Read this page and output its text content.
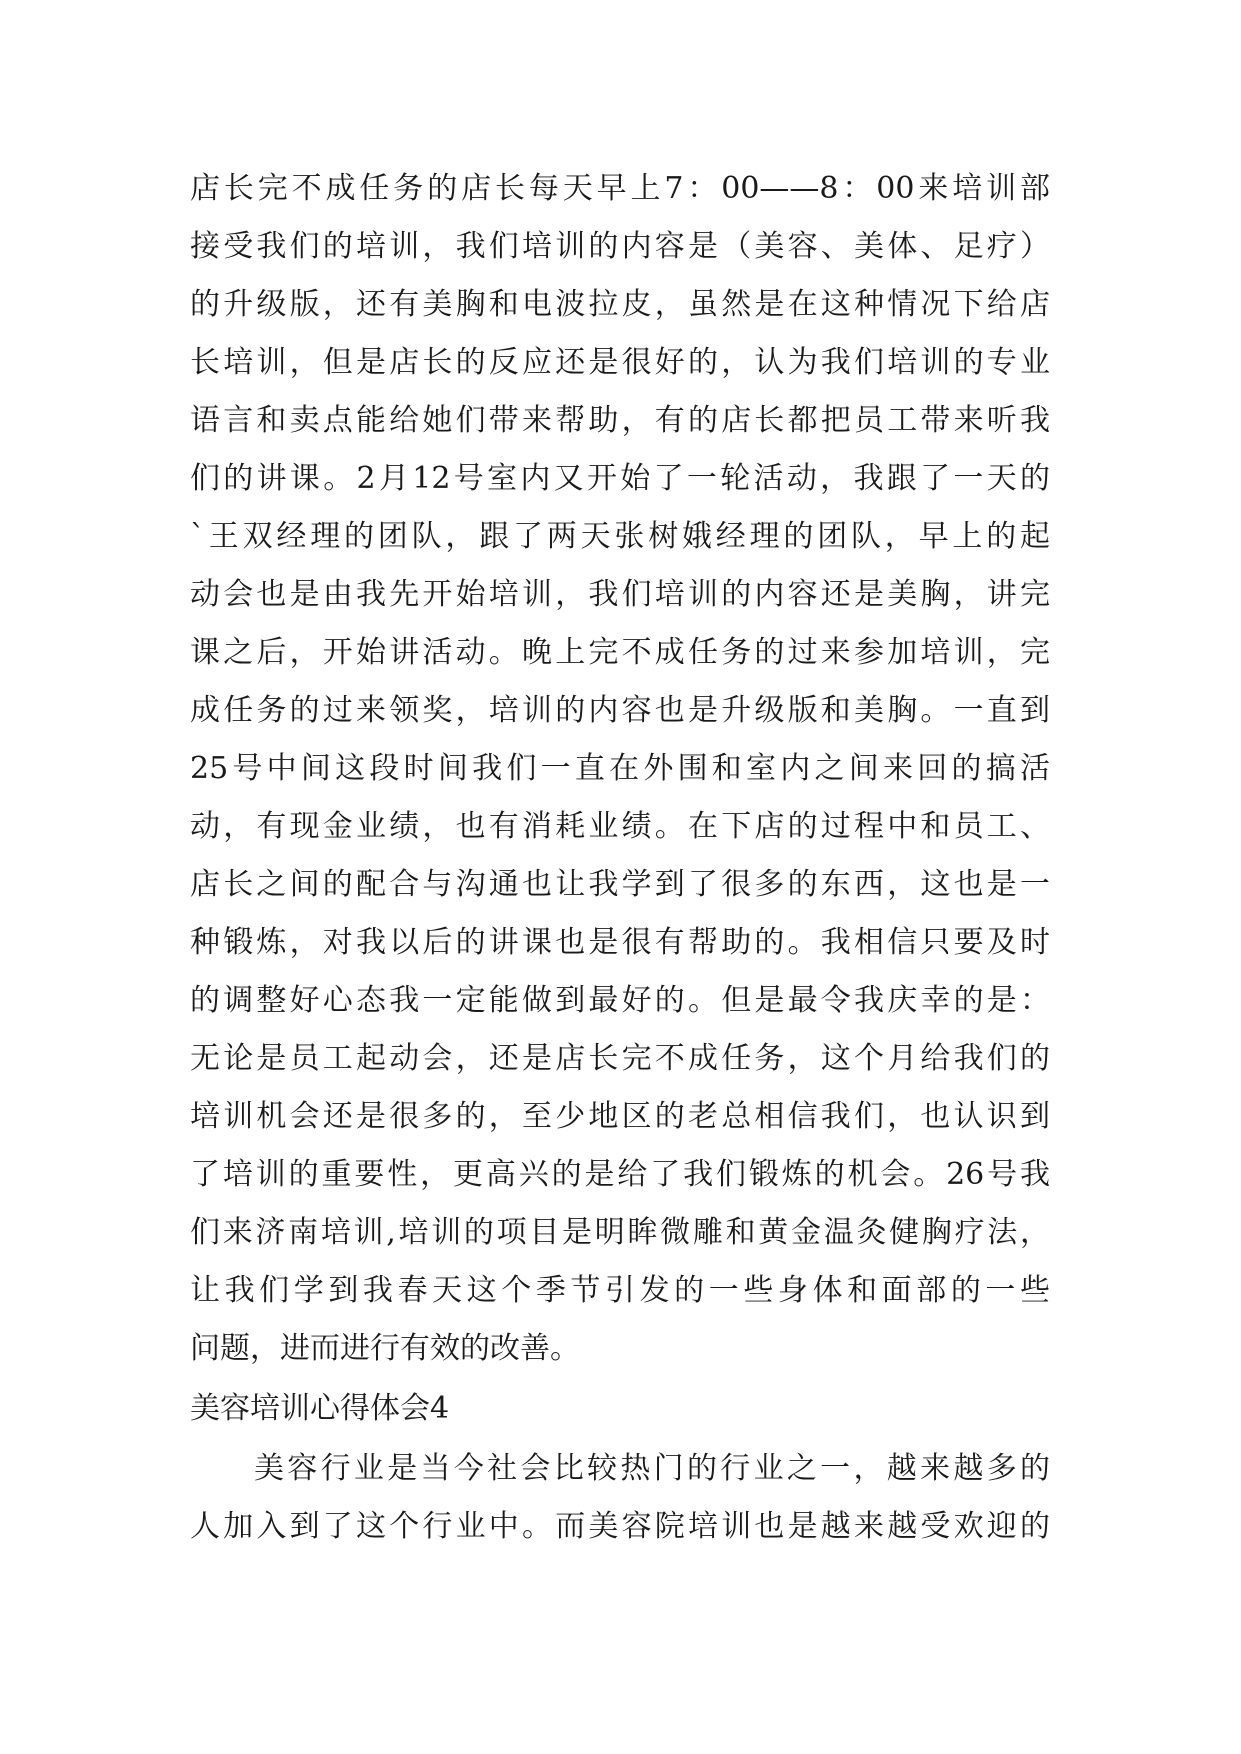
店长完不成任务的店长每天早上7：00——8：00来培训部
接受我们的培训，我们培训的内容是（美容、美体、足疗）
的升级版，还有美胸和电波拉皮，虽然是在这种情况下给店
长培训，但是店长的反应还是很好的，认为我们培训的专业
语言和卖点能给她们带来帮助，有的店长都把员工带来听我
们的讲课。2月12号室内又开始了一轮活动，我跟了一天的
`王双经理的团队，跟了两天张树娥经理的团队，早上的起
动会也是由我先开始培训，我们培训的内容还是美胸，讲完
课之后，开始讲活动。晚上完不成任务的过来参加培训，完
成任务的过来领奖，培训的内容也是升级版和美胸。一直到
25号中间这段时间我们一直在外围和室内之间来回的搞活
动，有现金业绩，也有消耗业绩。在下店的过程中和员工、
店长之间的配合与沟通也让我学到了很多的东西，这也是一
种锻炼，对我以后的讲课也是很有帮助的。我相信只要及时
的调整好心态我一定能做到最好的。但是最令我庆幸的是：
无论是员工起动会，还是店长完不成任务，这个月给我们的
培训机会还是很多的，至少地区的老总相信我们，也认识到
了培训的重要性，更高兴的是给了我们锻炼的机会。26号我
们来济南培训,培训的项目是明眸微雕和黄金温灸健胸疗法，
让我们学到我春天这个季节引发的一些身体和面部的一些
问题，进而进行有效的改善。
美容培训心得体会4
美容行业是当今社会比较热门的行业之一，越来越多的
人加入到了这个行业中。而美容院培训也是越来越受欢迎的
